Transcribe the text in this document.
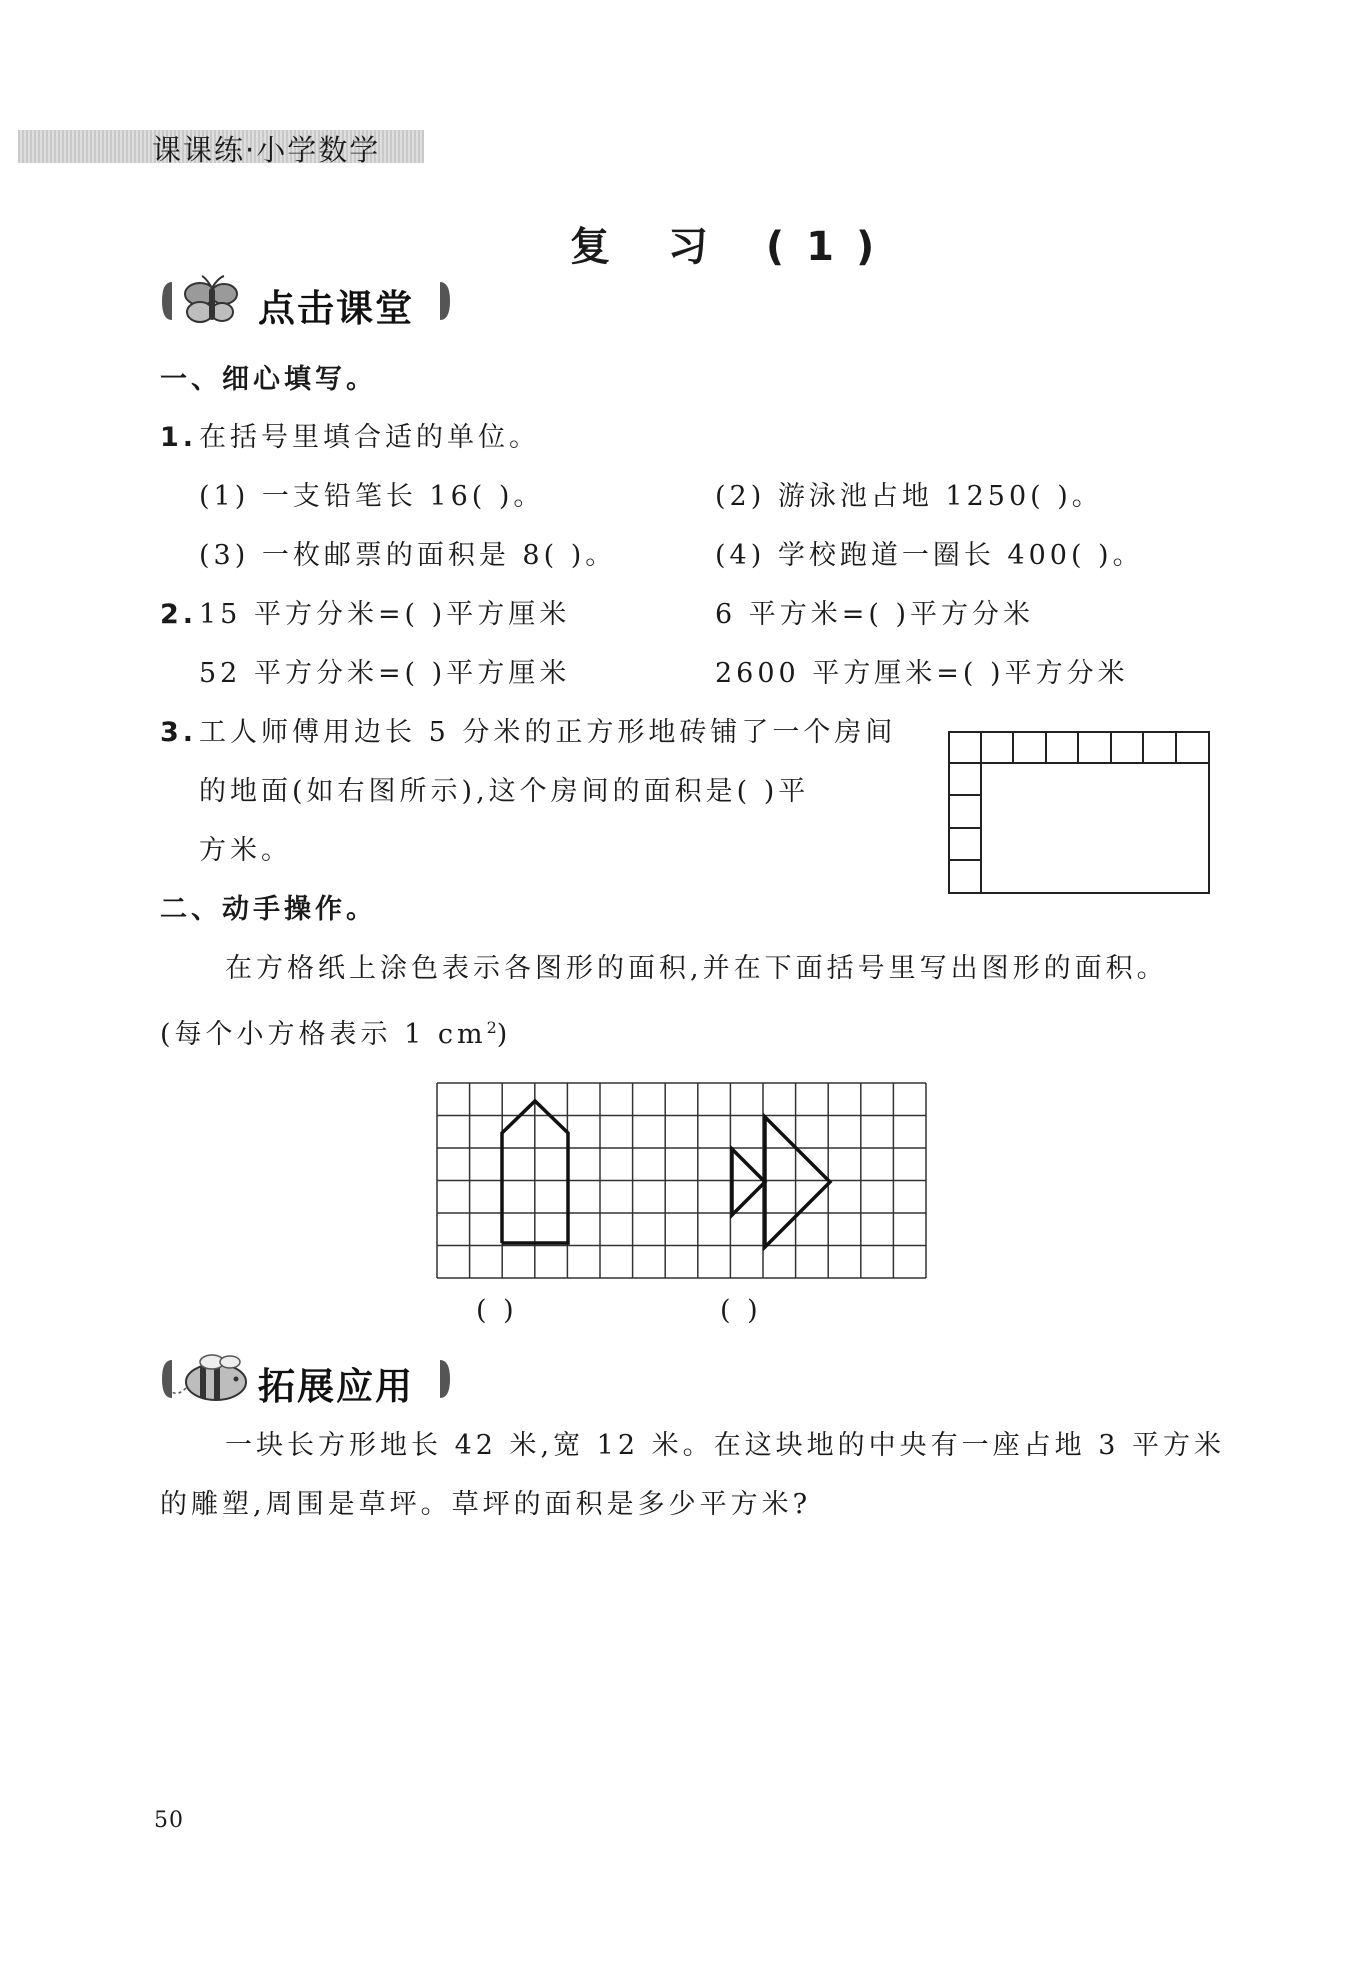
课课练·小学数学
复 习 (1)
点击课堂
一、细心填写。
1. 在括号里填合适的单位。
(1) 一支铅笔长 16( )。	(2) 游泳池占地 1250( )。
(3) 一枚邮票的面积是 8( )。	(4) 学校跑道一圈长 400( )。
2. 15 平方分米=( )平方厘米	6 平方米=( )平方分米
52 平方分米=( )平方厘米	2600 平方厘米=( )平方分米
3. 工人师傅用边长 5 分米的正方形地砖铺了一个房间
的地面(如右图所示),这个房间的面积是( )平
方米。
二、动手操作。
在方格纸上涂色表示各图形的面积,并在下面括号里写出图形的面积。
(每个小方格表示 1 $cm^2$)
( )	( )
拓展应用
一块长方形地长 42 米,宽 12 米。在这块地的中央有一座占地 3 平方米
的雕塑,周围是草坪。草坪的面积是多少平方米?
50
